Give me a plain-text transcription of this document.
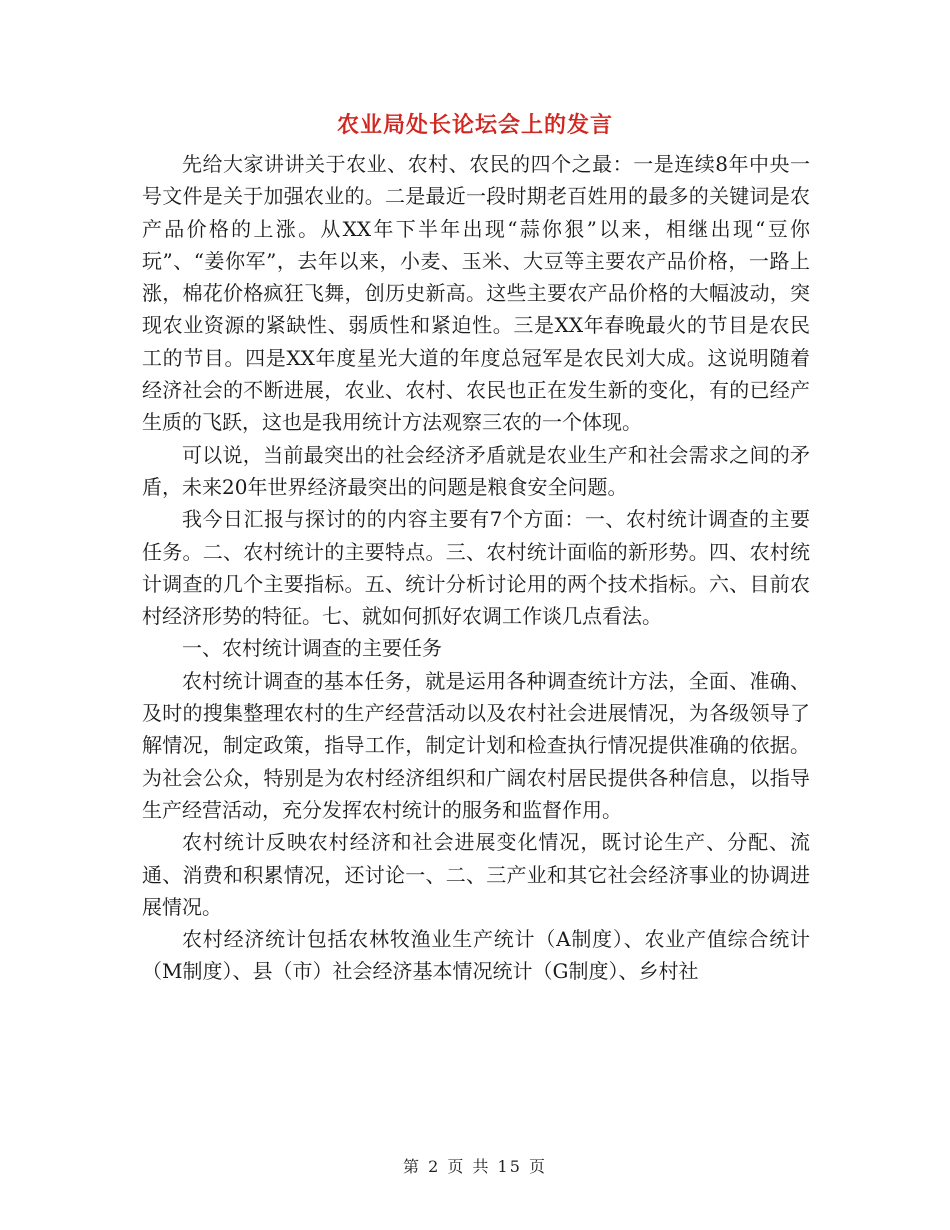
农业局处长论坛会上的发言

先给大家讲讲关于农业、农村、农民的四个之最：一是连续8年中央一号文件是关于加强农业的。二是最近一段时期老百姓用的最多的关键词是农产品价格的上涨。从XX年下半年出现“蒜你狠”以来，相继出现“豆你玩”、“姜你军”，去年以来，小麦、玉米、大豆等主要农产品价格，一路上涨，棉花价格疯狂飞舞，创历史新高。这些主要农产品价格的大幅波动，突现农业资源的紧缺性、弱质性和紧迫性。三是XX年春晚最火的节目是农民工的节目。四是XX年度星光大道的年度总冠军是农民刘大成。这说明随着经济社会的不断进展，农业、农村、农民也正在发生新的变化，有的已经产生质的飞跃，这也是我用统计方法观察三农的一个体现。

可以说，当前最突出的社会经济矛盾就是农业生产和社会需求之间的矛盾，未来20年世界经济最突出的问题是粮食安全问题。

我今日汇报与探讨的的内容主要有7个方面：一、农村统计调查的主要任务。二、农村统计的主要特点。三、农村统计面临的新形势。四、农村统计调查的几个主要指标。五、统计分析讨论用的两个技术指标。六、目前农村经济形势的特征。七、就如何抓好农调工作谈几点看法。

一、农村统计调查的主要任务

农村统计调查的基本任务，就是运用各种调查统计方法，全面、准确、及时的搜集整理农村的生产经营活动以及农村社会进展情况，为各级领导了解情况，制定政策，指导工作，制定计划和检查执行情况提供准确的依据。为社会公众，特别是为农村经济组织和广阔农村居民提供各种信息，以指导生产经营活动，充分发挥农村统计的服务和监督作用。

农村统计反映农村经济和社会进展变化情况，既讨论生产、分配、流通、消费和积累情况，还讨论一、二、三产业和其它社会经济事业的协调进展情况。

农村经济统计包括农林牧渔业生产统计（A制度）、农业产值综合统计（M制度）、县（市）社会经济基本情况统计（G制度）、乡村社

第 2 页 共 15 页
